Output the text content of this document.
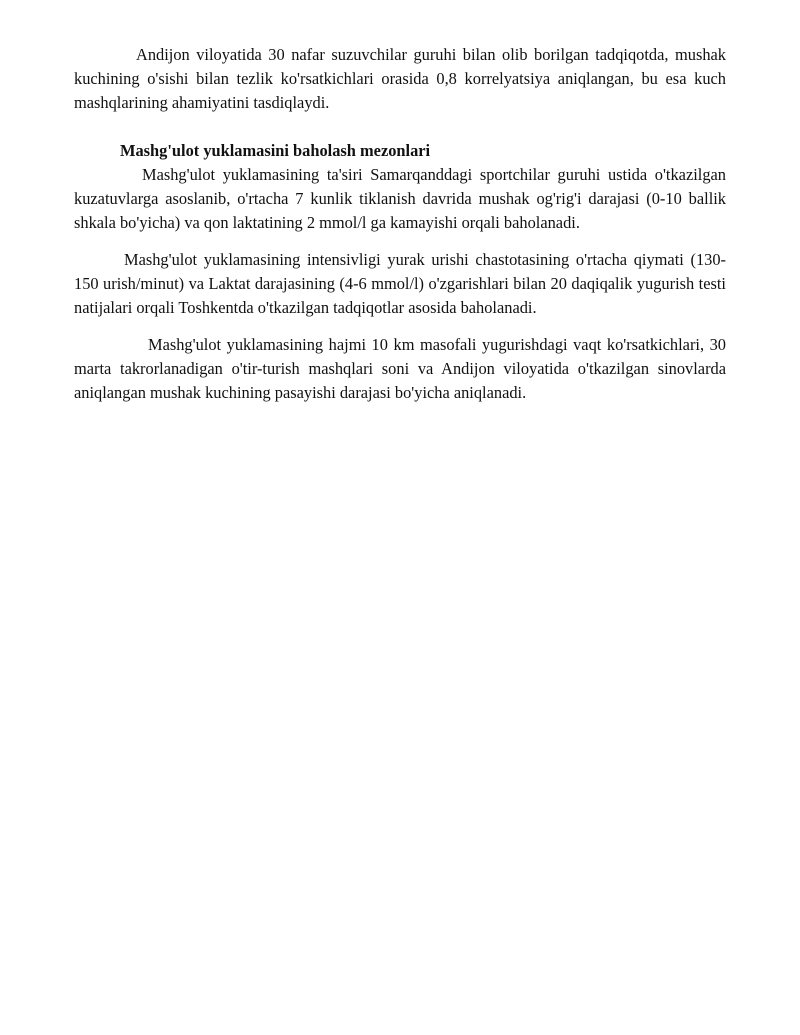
Andijon viloyatida 30 nafar suzuvchilar guruhi bilan olib borilgan tadqiqotda, mushak kuchining o'sishi bilan tezlik ko'rsatkichlari orasida 0,8 korrelyatsiya aniqlangan, bu esa kuch mashqlarining ahamiyatini tasdiqlaydi.

Mashg'ulot yuklamasini baholash mezonlari

Mashg'ulot yuklamasining ta'siri Samarqanddagi sportchilar guruhi ustida o'tkazilgan kuzatuvlarga asoslanib, o'rtacha 7 kunlik tiklanish davrida mushak og'rig'i darajasi (0-10 ballik shkala bo'yicha) va qon laktatining 2 mmol/l ga kamayishi orqali baholanadi.

Mashg'ulot yuklamasining intensivligi yurak urishi chastotasining o'rtacha qiymati (130-150 urish/minut) va Laktat darajasining (4-6 mmol/l) o'zgarishlari bilan 20 daqiqalik yugurish testi natijalari orqali Toshkentda o'tkazilgan tadqiqotlar asosida baholanadi.

Mashg'ulot yuklamasining hajmi 10 km masofali yugurishdagi vaqt ko'rsatkichlari, 30 marta takrorlanadigan o'tir-turish mashqlari soni va Andijon viloyatida o'tkazilgan sinovlarda aniqlangan mushak kuchining pasayishi darajasi bo'yicha aniqlanadi.
